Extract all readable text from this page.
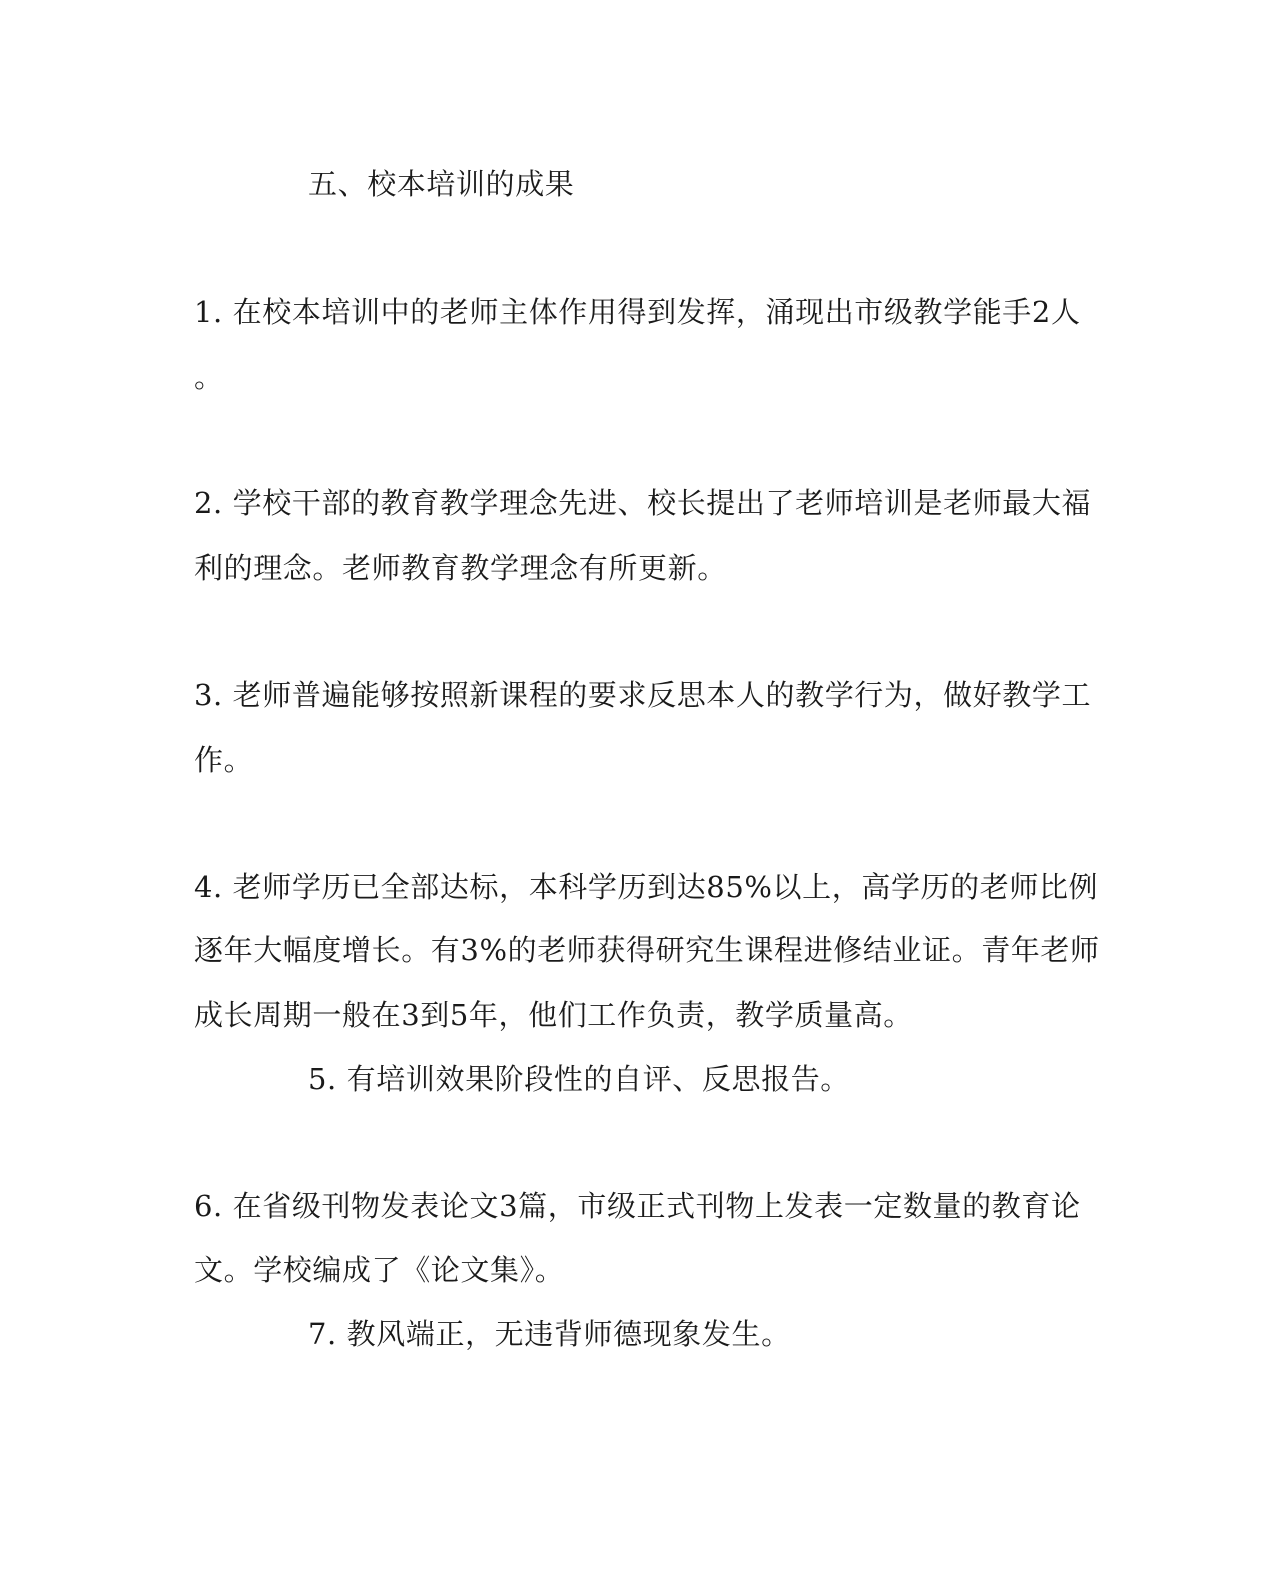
五、校本培训的成果
1. 在校本培训中的老师主体作用得到发挥，涌现出市级教学能手2人
。
2. 学校干部的教育教学理念先进、校长提出了老师培训是老师最大福
利的理念。老师教育教学理念有所更新。
3. 老师普遍能够按照新课程的要求反思本人的教学行为，做好教学工
作。
4. 老师学历已全部达标，本科学历到达85%以上，高学历的老师比例
逐年大幅度增长。有3%的老师获得研究生课程进修结业证。青年老师
成长周期一般在3到5年，他们工作负责，教学质量高。
5. 有培训效果阶段性的自评、反思报告。
6. 在省级刊物发表论文3篇，市级正式刊物上发表一定数量的教育论
文。学校编成了《论文集》。
7. 教风端正，无违背师德现象发生。
